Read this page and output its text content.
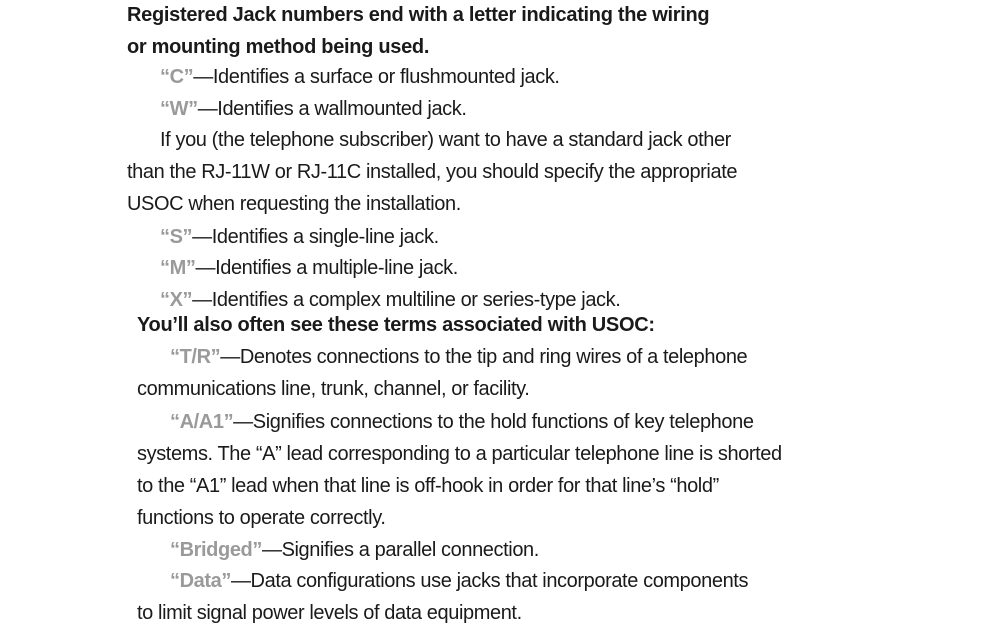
Registered Jack numbers end with a letter indicating the wiring
or mounting method being used.
“C”—Identifies a surface or flushmounted jack.
“W”—Identifies a wallmounted jack.
If you (the telephone subscriber) want to have a standard jack other
than the RJ-11W or RJ-11C installed, you should specify the appropriate
USOC when requesting the installation.
“S”—Identifies a single-line jack.
“M”—Identifies a multiple-line jack.
“X”—Identifies a complex multiline or series-type jack.
You’ll also often see these terms associated with USOC:
“T/R”—Denotes connections to the tip and ring wires of a telephone
communications line, trunk, channel, or facility.
“A/A1”—Signifies connections to the hold functions of key telephone
systems. The “A” lead corresponding to a particular telephone line is shorted
to the “A1” lead when that line is off-hook in order for that line’s “hold”
functions to operate correctly.
“Bridged”—Signifies a parallel connection.
“Data”—Data configurations use jacks that incorporate components
to limit signal power levels of data equipment.
